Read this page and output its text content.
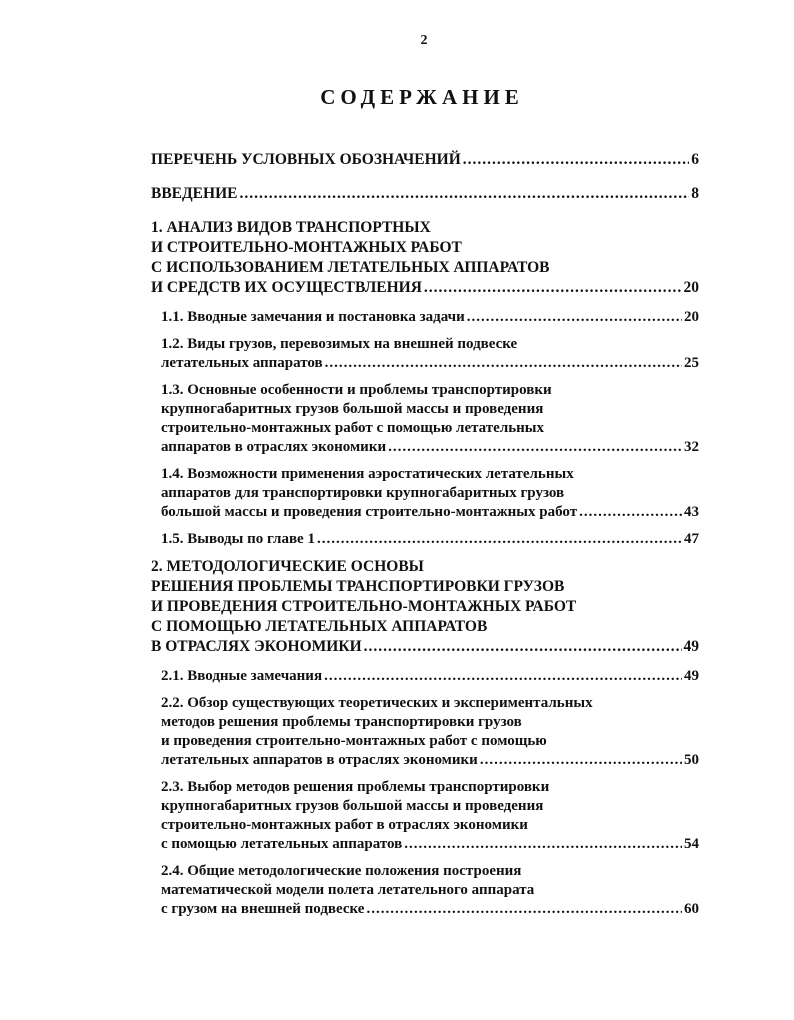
2
СОДЕРЖАНИЕ
ПЕРЕЧЕНЬ УСЛОВНЫХ ОБОЗНАЧЕНИЙ .....	6
ВВЕДЕНИЕ .....	8
1. АНАЛИЗ ВИДОВ ТРАНСПОРТНЫХ
И СТРОИТЕЛЬНО-МОНТАЖНЫХ РАБОТ
С ИСПОЛЬЗОВАНИЕМ ЛЕТАТЕЛЬНЫХ АППАРАТОВ
И СРЕДСТВ ИХ ОСУЩЕСТВЛЕНИЯ .....	20
1.1. Вводные замечания и постановка задачи .....	20
1.2. Виды грузов, перевозимых на внешней подвеске
летательных аппаратов .....	25
1.3. Основные особенности и проблемы транспортировки
крупногабаритных грузов большой массы и проведения
строительно-монтажных работ с помощью летательных
аппаратов в отраслях экономики .....	32
1.4. Возможности применения аэростатических летательных
аппаратов для транспортировки крупногабаритных грузов
большой массы и проведения строительно-монтажных работ .....	43
1.5. Выводы по главе 1 .....	47
2. МЕТОДОЛОГИЧЕСКИЕ ОСНОВЫ
РЕШЕНИЯ ПРОБЛЕМЫ ТРАНСПОРТИРОВКИ ГРУЗОВ
И ПРОВЕДЕНИЯ СТРОИТЕЛЬНО-МОНТАЖНЫХ РАБОТ
С ПОМОЩЬЮ ЛЕТАТЕЛЬНЫХ АППАРАТОВ
В ОТРАСЛЯХ ЭКОНОМИКИ .....	49
2.1. Вводные замечания .....	49
2.2. Обзор существующих теоретических и экспериментальных
методов решения проблемы транспортировки грузов
и проведения строительно-монтажных работ с помощью
летательных аппаратов в отраслях экономики .....	50
2.3. Выбор методов решения проблемы транспортировки
крупногабаритных грузов большой массы и проведения
строительно-монтажных работ в отраслях экономики
с помощью летательных аппаратов .....	54
2.4. Общие методологические положения построения
математической модели полета летательного аппарата
с грузом на внешней подвеске .....	60
